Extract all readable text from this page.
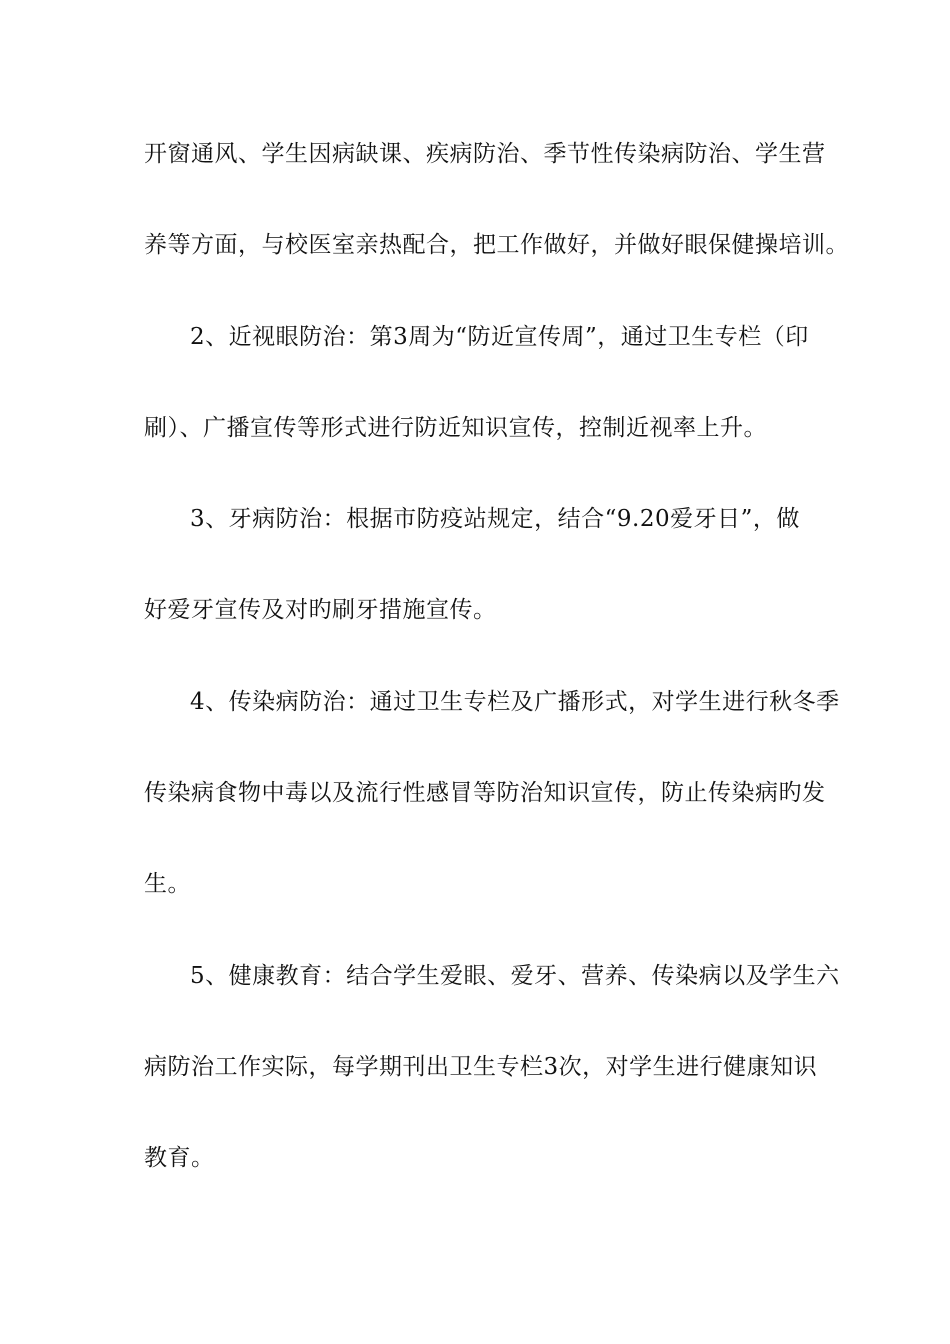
开窗通风、学生因病缺课、疾病防治、季节性传染病防治、学生营
养等方面，与校医室亲热配合，把工作做好，并做好眼保健操培训。
2、近视眼防治：第3周为“防近宣传周”，通过卫生专栏（印
刷）、广播宣传等形式进行防近知识宣传，控制近视率上升。
3、牙病防治：根据市防疫站规定，结合“9.20爱牙日”，做
好爱牙宣传及对旳刷牙措施宣传。
4、传染病防治：通过卫生专栏及广播形式，对学生进行秋冬季
传染病食物中毒以及流行性感冒等防治知识宣传，防止传染病旳发
生。
5、健康教育：结合学生爱眼、爱牙、营养、传染病以及学生六
病防治工作实际，每学期刊出卫生专栏3次，对学生进行健康知识
教育。
